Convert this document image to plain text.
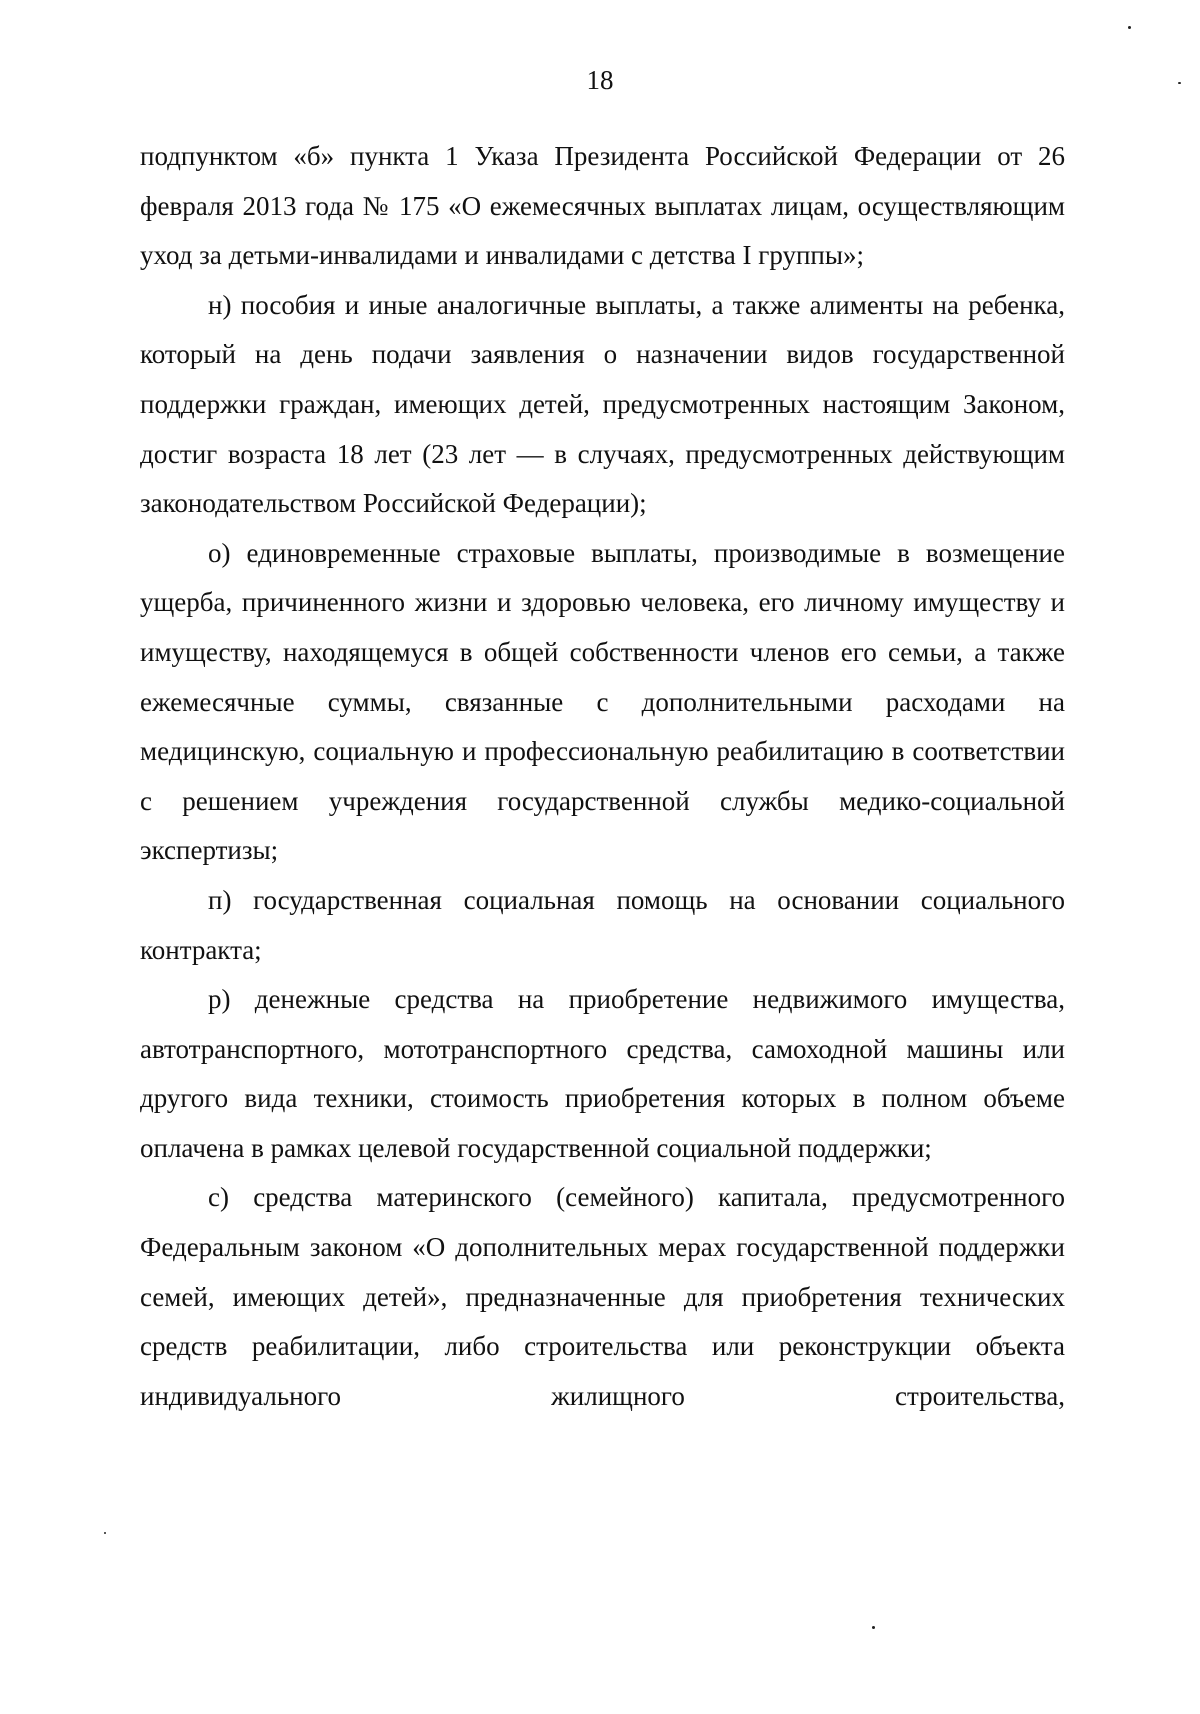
18

подпунктом «б» пункта 1 Указа Президента Российской Федерации от 26 февраля 2013 года № 175 «О ежемесячных выплатах лицам, осуществляющим уход за детьми-инвалидами и инвалидами с детства I группы»;

н) пособия и иные аналогичные выплаты, а также алименты на ребенка, который на день подачи заявления о назначении видов государственной поддержки граждан, имеющих детей, предусмотренных настоящим Законом, достиг возраста 18 лет (23 лет — в случаях, предусмотренных действующим законодательством Российской Федерации);

о) единовременные страховые выплаты, производимые в возмещение ущерба, причиненного жизни и здоровью человека, его личному имуществу и имуществу, находящемуся в общей собственности членов его семьи, а также ежемесячные суммы, связанные с дополнительными расходами на медицинскую, социальную и профессиональную реабилитацию в соответствии с решением учреждения государственной службы медико-социальной экспертизы;

п) государственная социальная помощь на основании социального контракта;

р) денежные средства на приобретение недвижимого имущества, автотранспортного, мототранспортного средства, самоходной машины или другого вида техники, стоимость приобретения которых в полном объеме оплачена в рамках целевой государственной социальной поддержки;

с) средства материнского (семейного) капитала, предусмотренного Федеральным законом «О дополнительных мерах государственной поддержки семей, имеющих детей», предназначенные для приобретения технических средств реабилитации, либо строительства или реконструкции объекта индивидуального жилищного строительства,
